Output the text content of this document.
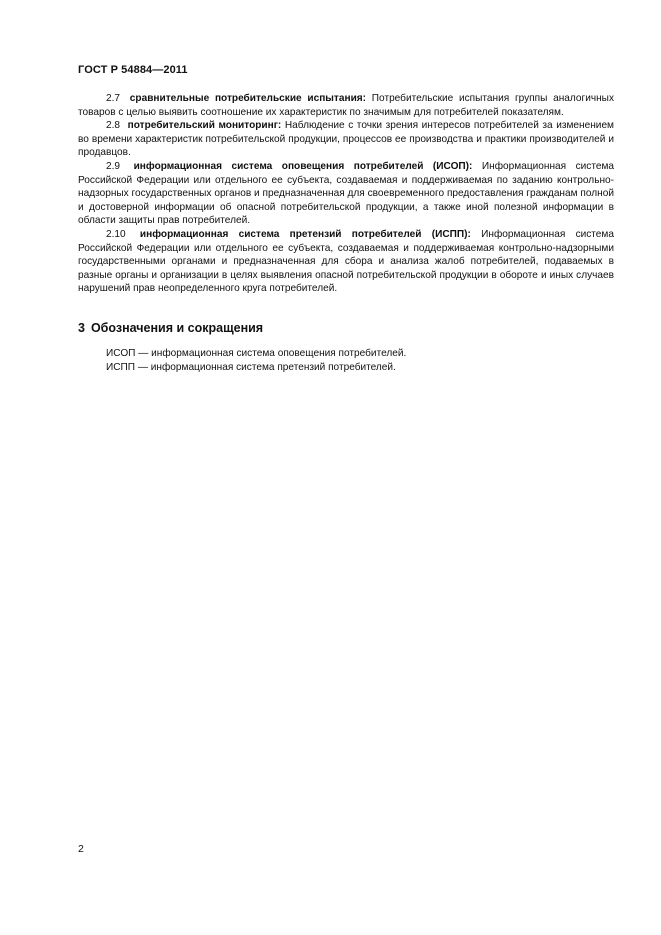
ГОСТ Р 54884—2011

2.7 сравнительные потребительские испытания: Потребительские испытания группы аналогичных товаров с целью выявить соотношение их характеристик по значимым для потребителей показателям.

2.8 потребительский мониторинг: Наблюдение с точки зрения интересов потребителей за изменением во времени характеристик потребительской продукции, процессов ее производства и практики производителей и продавцов.

2.9 информационная система оповещения потребителей (ИСОП): Информационная система Российской Федерации или отдельного ее субъекта, создаваемая и поддерживаемая по заданию контрольно-надзорных государственных органов и предназначенная для своевременного предоставления гражданам полной и достоверной информации об опасной потребительской продукции, а также иной полезной информации в области защиты прав потребителей.

2.10 информационная система претензий потребителей (ИСПП): Информационная система Российской Федерации или отдельного ее субъекта, создаваемая и поддерживаемая контрольно-надзорными государственными органами и предназначенная для сбора и анализа жалоб потребителей, подаваемых в разные органы и организации в целях выявления опасной потребительской продукции в обороте и иных случаев нарушений прав неопределенного круга потребителей.

3 Обозначения и сокращения

ИСОП — информационная система оповещения потребителей.

ИСПП — информационная система претензий потребителей.

2
